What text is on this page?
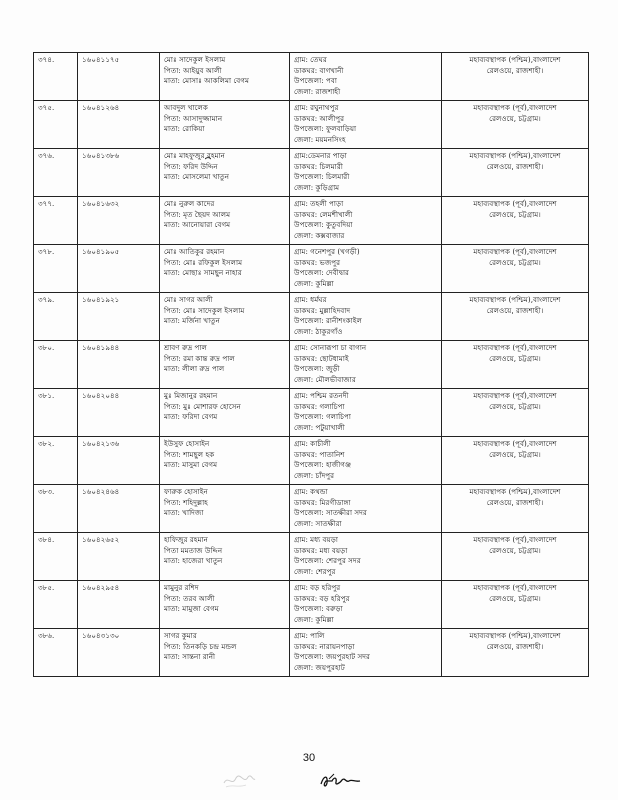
৩৭৪.	১৬০৪১১৭৫	মোঃ সাদেকুল ইসলাম
পিতা: আইয়ুব আলী
মাতা: মোসাঃ আকলিমা বেগম	গ্রাম: তেঘর
ডাকঘর: বাগখানী
উপজেলা: পবা
জেলা: রাজশাহী	মহাব্যবস্থাপক (পশ্চিম),বাংলাদেশ
রেলওয়ে, রাজশাহী।

৩৭৫.	১৬০৪১২৬৪	আবদুল খালেক
পিতা: আসাদুজ্জামান
মাতা: রোকিয়া	গ্রাম: রঘুনাথপুর
ডাকঘর: আলীপুর
উপজেলা: ফুলবাড়িয়া
জেলা: ময়মনসিংহ	মহাব্যবস্থাপক (পূর্ব),বাংলাদেশ
রেলওয়ে, চট্টগ্রাম।

৩৭৬.	১৬০৪১৩৮৬	মোঃ মাহফুজুর রহমান
পিতা: ফরিদ উদ্দিন
মাতা: মোসলেমা খাতুন	গ্রাম:ডেমনার পাড়া
ডাকঘর: চিলমারী
উপজেলা: চিলমারী
জেলা: কুড়িগ্রাম	মহাব্যবস্থাপক (পশ্চিম),বাংলাদেশ
রেলওয়ে, রাজশাহী।

৩৭৭.	১৬০৪১৬৩২	মোঃ নুরুল কাদের
পিতা: মৃত ছৈয়দ আলম
মাতা: আনোয়ারা বেগম	গ্রাম: তহলী পাড়া
ডাকঘর: লেমশীখালী
উপজেলা: কুতুবদিয়া
জেলা: কক্সবাজার	মহাব্যবস্থাপক (পূর্ব),বাংলাদেশ
রেলওয়ে, চট্টগ্রাম।

৩৭৮.	১৬০৪১৯০৫	মোঃ আতিকুর রহমান
পিতা: মোঃ রফিকুল ইসলাম
মাতা: মোছাঃ সামছুন নাহার	গ্রাম: গনেশপুর (খগড়ী)
ডাকঘর: ভজপুর
উপজেলা: দেবীদ্বার
জেলা: কুমিল্লা	মহাব্যবস্থাপক (পূর্ব),বাংলাদেশ
রেলওয়ে, চট্টগ্রাম।

৩৭৯.	১৬০৪১৯২১	মোঃ সাগর আলী
পিতা: মোঃ সাদেকুল ইসলাম
মাতা: মর্জিনা খাতুন	গ্রাম: ধর্মঘর
ডাকঘর: মুল্লাহিদবাদ
উপজেলা: রানীশংকাইল
জেলা: ঠাকুরগাঁও	মহাব্যবস্থাপক (পশ্চিম),বাংলাদেশ
রেলওয়ে, রাজশাহী।

৩৮০.	১৬০৪১৯৪৪	শ্রাবণ রুদ্র পাল
পিতা: রমা কান্ত রুদ্র পাল
মাতা: লীলা রুদ্র পাল	গ্রাম: সোনারূপা চা বাগান
ডাকঘর: ছোটধামাই
উপজেলা: জুড়ী
জেলা: মৌলভীবাজার	মহাব্যবস্থাপক (পূর্ব),বাংলাদেশ
রেলওয়ে, চট্টগ্রাম।

৩৮১.	১৬০৪২০৪৪	মুঃ মিজানুর রহমান
পিতা: মুঃ মোশারফ হোসেন
মাতা: ফরিদা বেগম	গ্রাম: পশ্চিম রতনদী
ডাকঘর: গলাচিপা
উপজেলা: গলাচিপা
জেলা: পটুয়াখালী	মহাব্যবস্থাপক (পূর্ব),বাংলাদেশ
রেলওয়ে, চট্টগ্রাম।

৩৮২.	১৬০৪২১৩৬	ইউসুফ হোসাইন
পিতা: শামছুল হক
মাতা: মাসুমা বেগম	গ্রাম: কাচীলী
ডাকঘর: পাতানিশ
উপজেলা: হাজীগঞ্জ
জেলা: চাঁদপুর	মহাব্যবস্থাপক (পূর্ব),বাংলাদেশ
রেলওয়ে, চট্টগ্রাম।

৩৮৩.	১৬০৪২৪৬৪	ফারুক হোসাইন
পিতা: শহিদুল্লাহ
মাতা: খাদিজা	গ্রাম: কথন্ডা
ডাকঘর: মিরগীডাঙ্গা
উপজেলা: সাতক্ষীরা সদর
জেলা: সাতক্ষীরা	মহাব্যবস্থাপক (পশ্চিম),বাংলাদেশ
রেলওয়ে, রাজশাহী।

৩৮৪.	১৬০৪২৬৫২	হাফিজুর রহমান
পিতা মমতাজ উদ্দিন
মাতা: হাজেরা খাতুন	গ্রাম: মধ্য বয়ড়া
ডাকঘর: মধ্য বয়ড়া
উপজেলা: শেরপুর সদর
জেলা: শেরপুর	মহাব্যবস্থাপক (পূর্ব),বাংলাদেশ
রেলওয়ে, চট্টগ্রাম।

৩৮৫.	১৬০৪২৯৫৪	মামুনুর রশিদ
পিতা: তরব আলী
মাতা: মামুজা বেগম	গ্রাম: বড় হরিপুর
ডাকঘর: বড় হরিপুর
উপজেলা: বরুড়া
জেলা: কুমিল্লা	মহাব্যবস্থাপক (পূর্ব),বাংলাদেশ
রেলওয়ে, চট্টগ্রাম।

৩৮৬.	১৬০৪৩১৩০	সাগর কুমার
পিতা: তিনকড়ি চন্দ্র মন্ডল
মাতা: সান্তনা রানী	গ্রাম: পালি
ডাকঘর: নারায়নপাড়া
উপজেলা: জয়পুরহাট সদর
জেলা: জয়পুরহাট	মহাব্যবস্থাপক (পশ্চিম),বাংলাদেশ
রেলওয়ে, রাজশাহী।
30
